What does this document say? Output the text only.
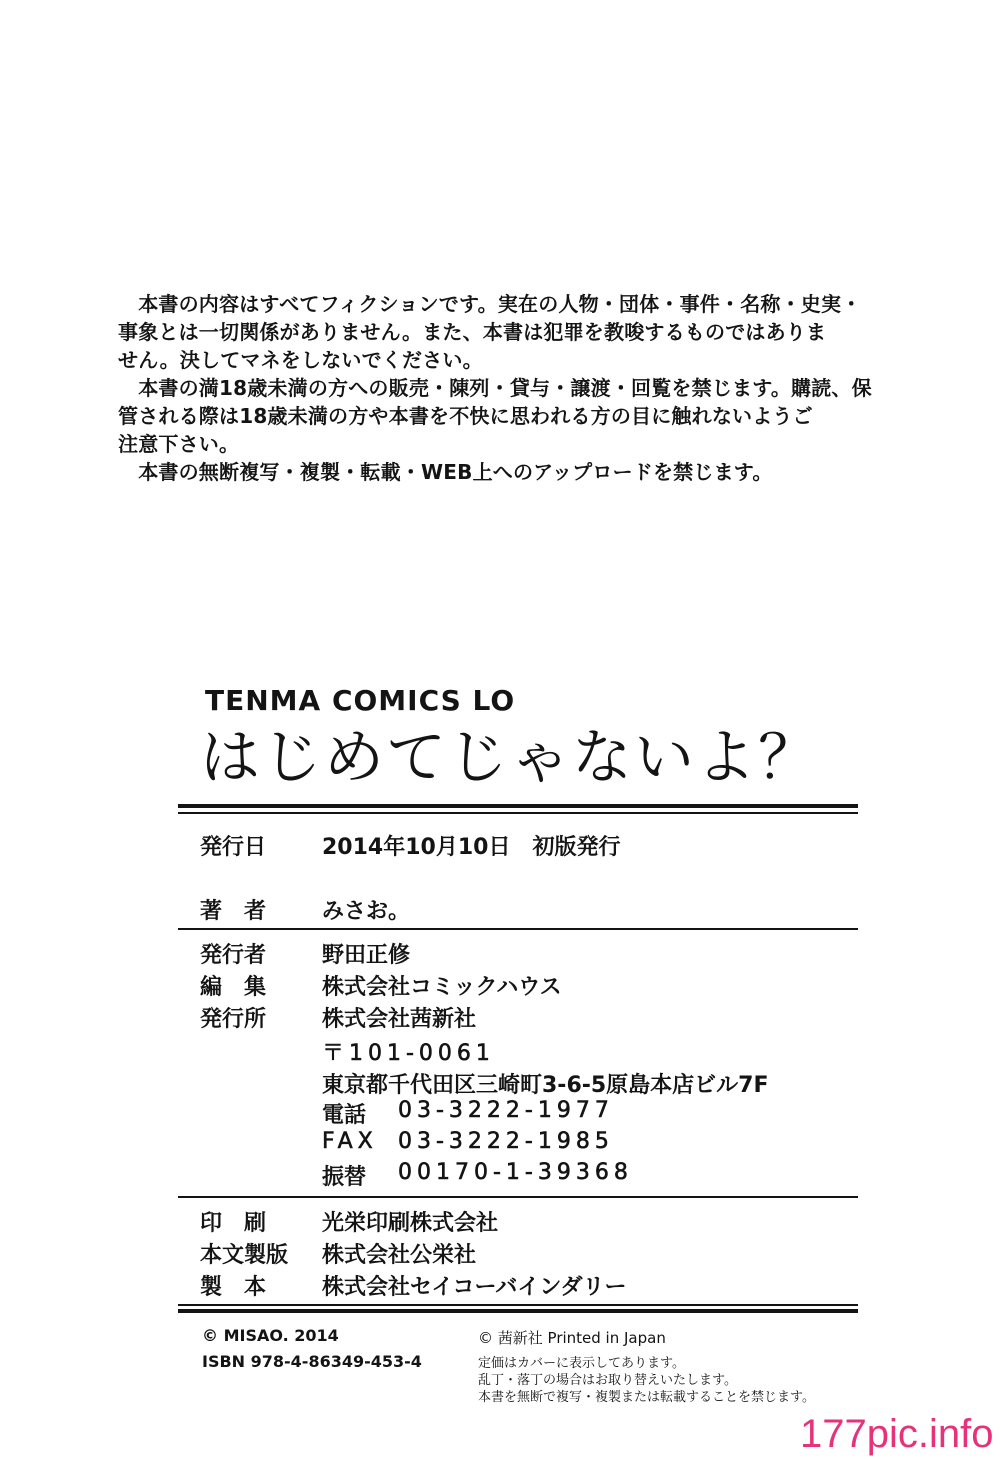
　本書の内容はすべてフィクションです。実在の人物・団体・事件・名称・史実・

事象とは一切関係がありません。また、本書は犯罪を教唆するものではありま

せん。決してマネをしないでください。

　本書の満18歳未満の方への販売・陳列・貸与・譲渡・回覧を禁じます。購読、保

管される際は18歳未満の方や本書を不快に思われる方の目に触れないようご

注意下さい。

　本書の無断複写・複製・転載・WEB上へのアップロードを禁じます。

TENMA COMICS LO
はじめてじゃないよ？
発行日	2014年10月10日　初版発行
著　者	みさお。
発行者	野田正修
編　集	株式会社コミックハウス
発行所	株式会社茜新社
〒101-0061
東京都千代田区三崎町3-6-5原島本店ビル7F
電話 03-3222-1977
FAX 03-3222-1985
振替 00170-1-39368
印　刷	光栄印刷株式会社
本文製版	株式会社公栄社
製　本	株式会社セイコーバインダリー
© MISAO. 2014
ISBN 978-4-86349-453-4
© 茜新社 Printed in Japan
定価はカバーに表示してあります。
乱丁・落丁の場合はお取り替えいたします。
本書を無断で複写・複製または転載することを禁じます。
177pic.info
